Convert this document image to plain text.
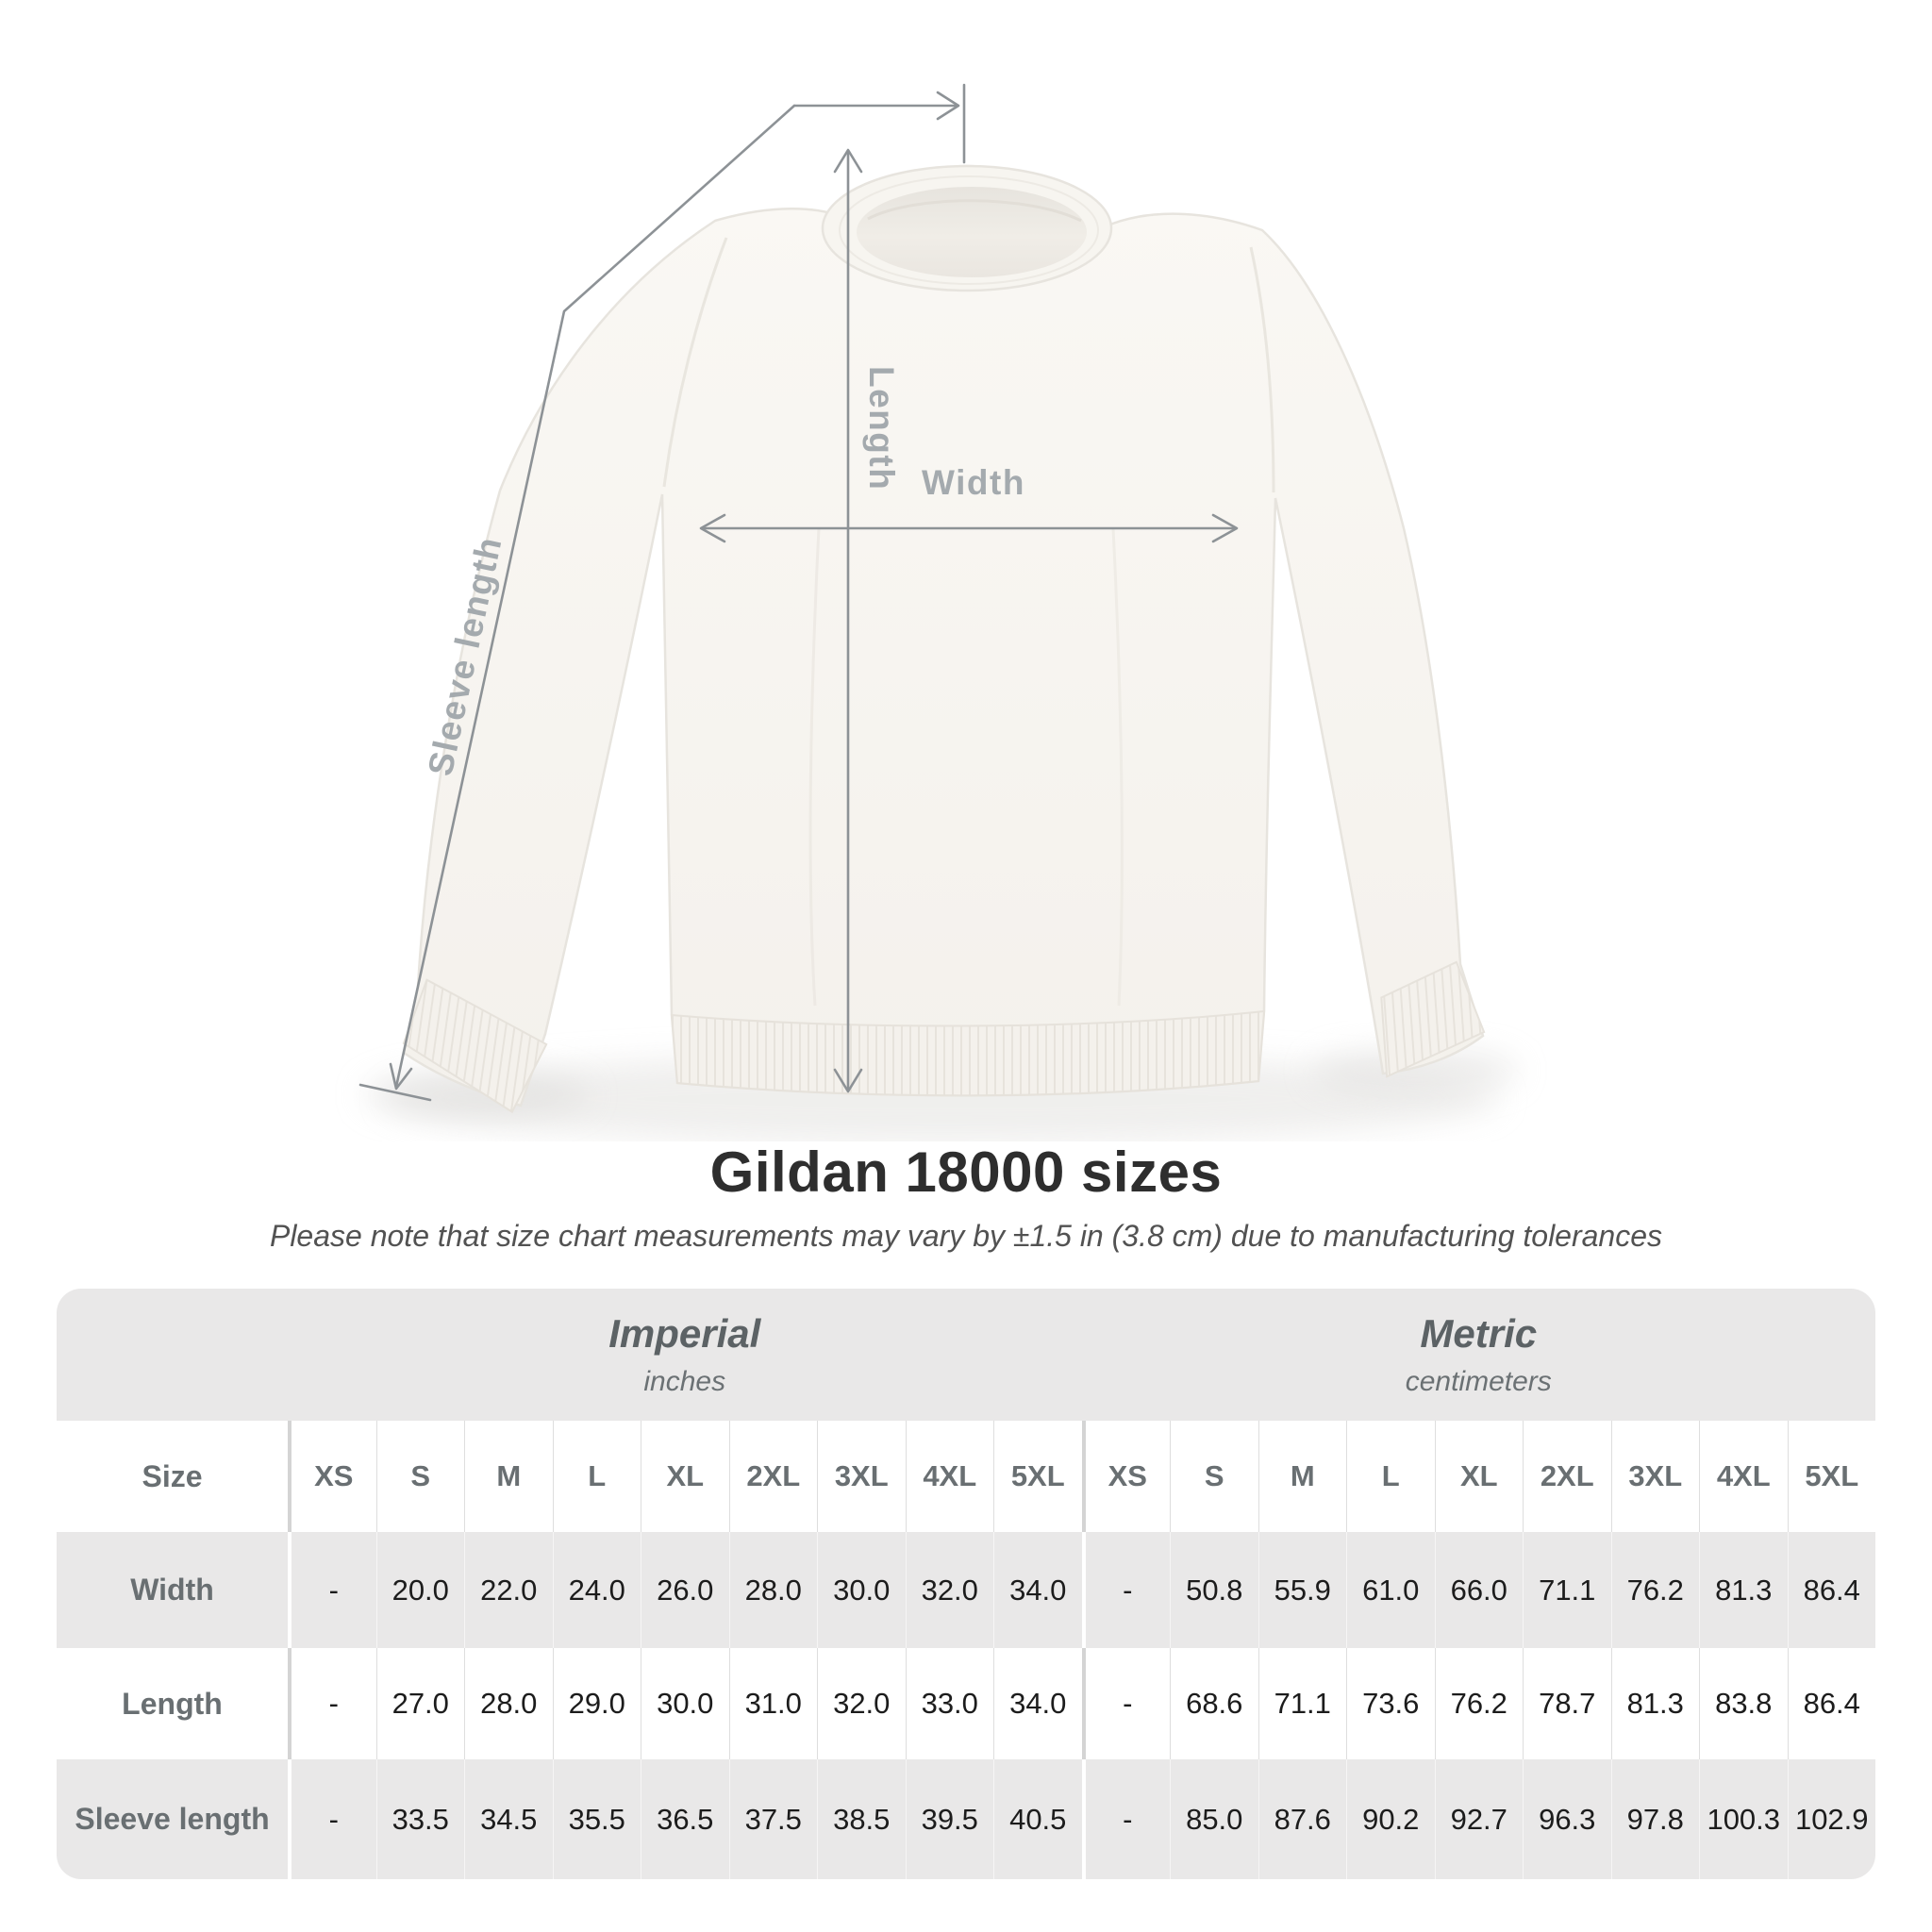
Length Width
Sleeve length
Gildan 18000 sizes
Please note that size chart measurements may vary by ±1.5 in (3.8 cm) due to manufacturing tolerances
Imperial
inches
Metric
centimeters
Size	XS	S	M	L	XL	2XL	3XL	4XL	5XL	XS	S	M	L	XL	2XL	3XL	4XL	5XL
Width	-	20.0	22.0	24.0	26.0	28.0	30.0	32.0	34.0	-	50.8	55.9	61.0	66.0	71.1	76.2	81.3	86.4
Length	-	27.0	28.0	29.0	30.0	31.0	32.0	33.0	34.0	-	68.6	71.1	73.6	76.2	78.7	81.3	83.8	86.4
Sleeve length	-	33.5	34.5	35.5	36.5	37.5	38.5	39.5	40.5	-	85.0	87.6	90.2	92.7	96.3	97.8 100.3 102.9
